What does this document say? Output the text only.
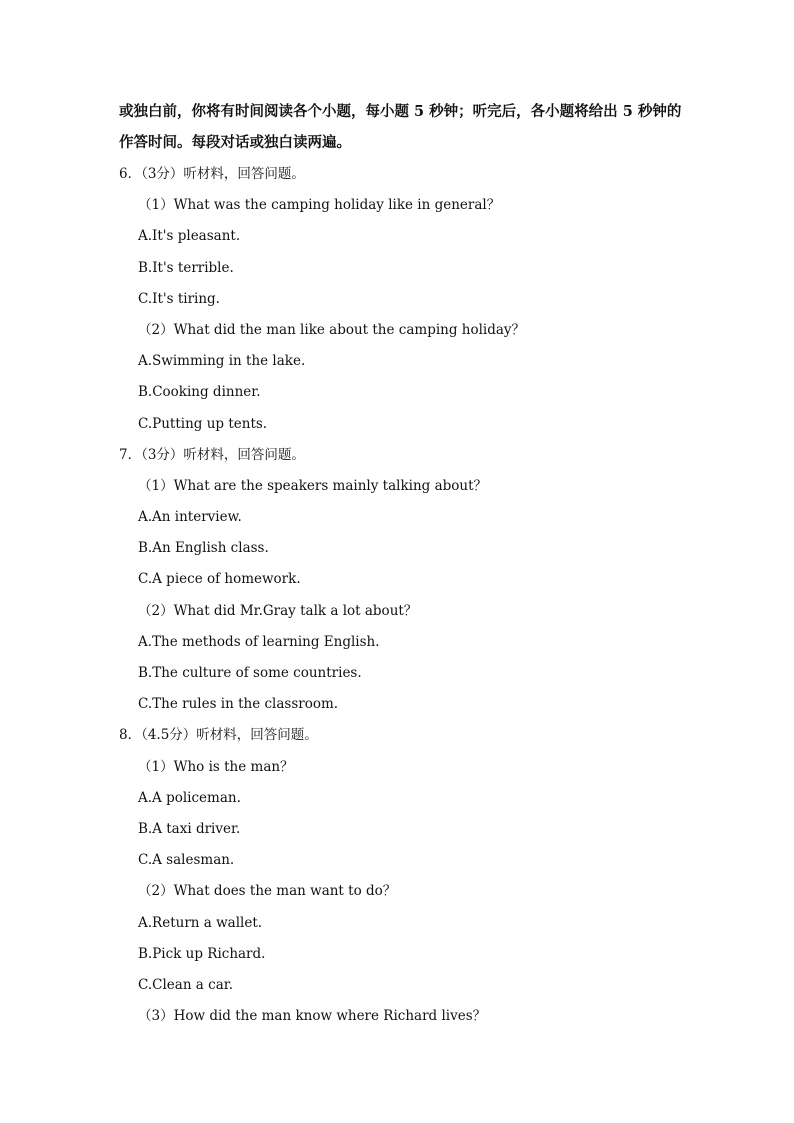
或独白前，你将有时间阅读各个小题，每小题 5 秒钟；听完后，各小题将给出 5 秒钟的
作答时间。每段对话或独白读两遍。
6．（3分）听材料，回答问题。
（1）What was the camping holiday like in general？
A.It's pleasant.
B.It's terrible.
C.It's tiring.
（2）What did the man like about the camping holiday？
A.Swimming in the lake.
B.Cooking dinner.
C.Putting up tents.
7．（3分）听材料，回答问题。
（1）What are the speakers mainly talking about？
A.An interview.
B.An English class.
C.A piece of homework.
（2）What did Mr.Gray talk a lot about？
A.The methods of learning English.
B.The culture of some countries.
C.The rules in the classroom.
8．（4.5分）听材料，回答问题。
（1）Who is the man？
A.A policeman.
B.A taxi driver.
C.A salesman.
（2）What does the man want to do？
A.Return a wallet.
B.Pick up Richard.
C.Clean a car.
（3）How did the man know where Richard lives？
